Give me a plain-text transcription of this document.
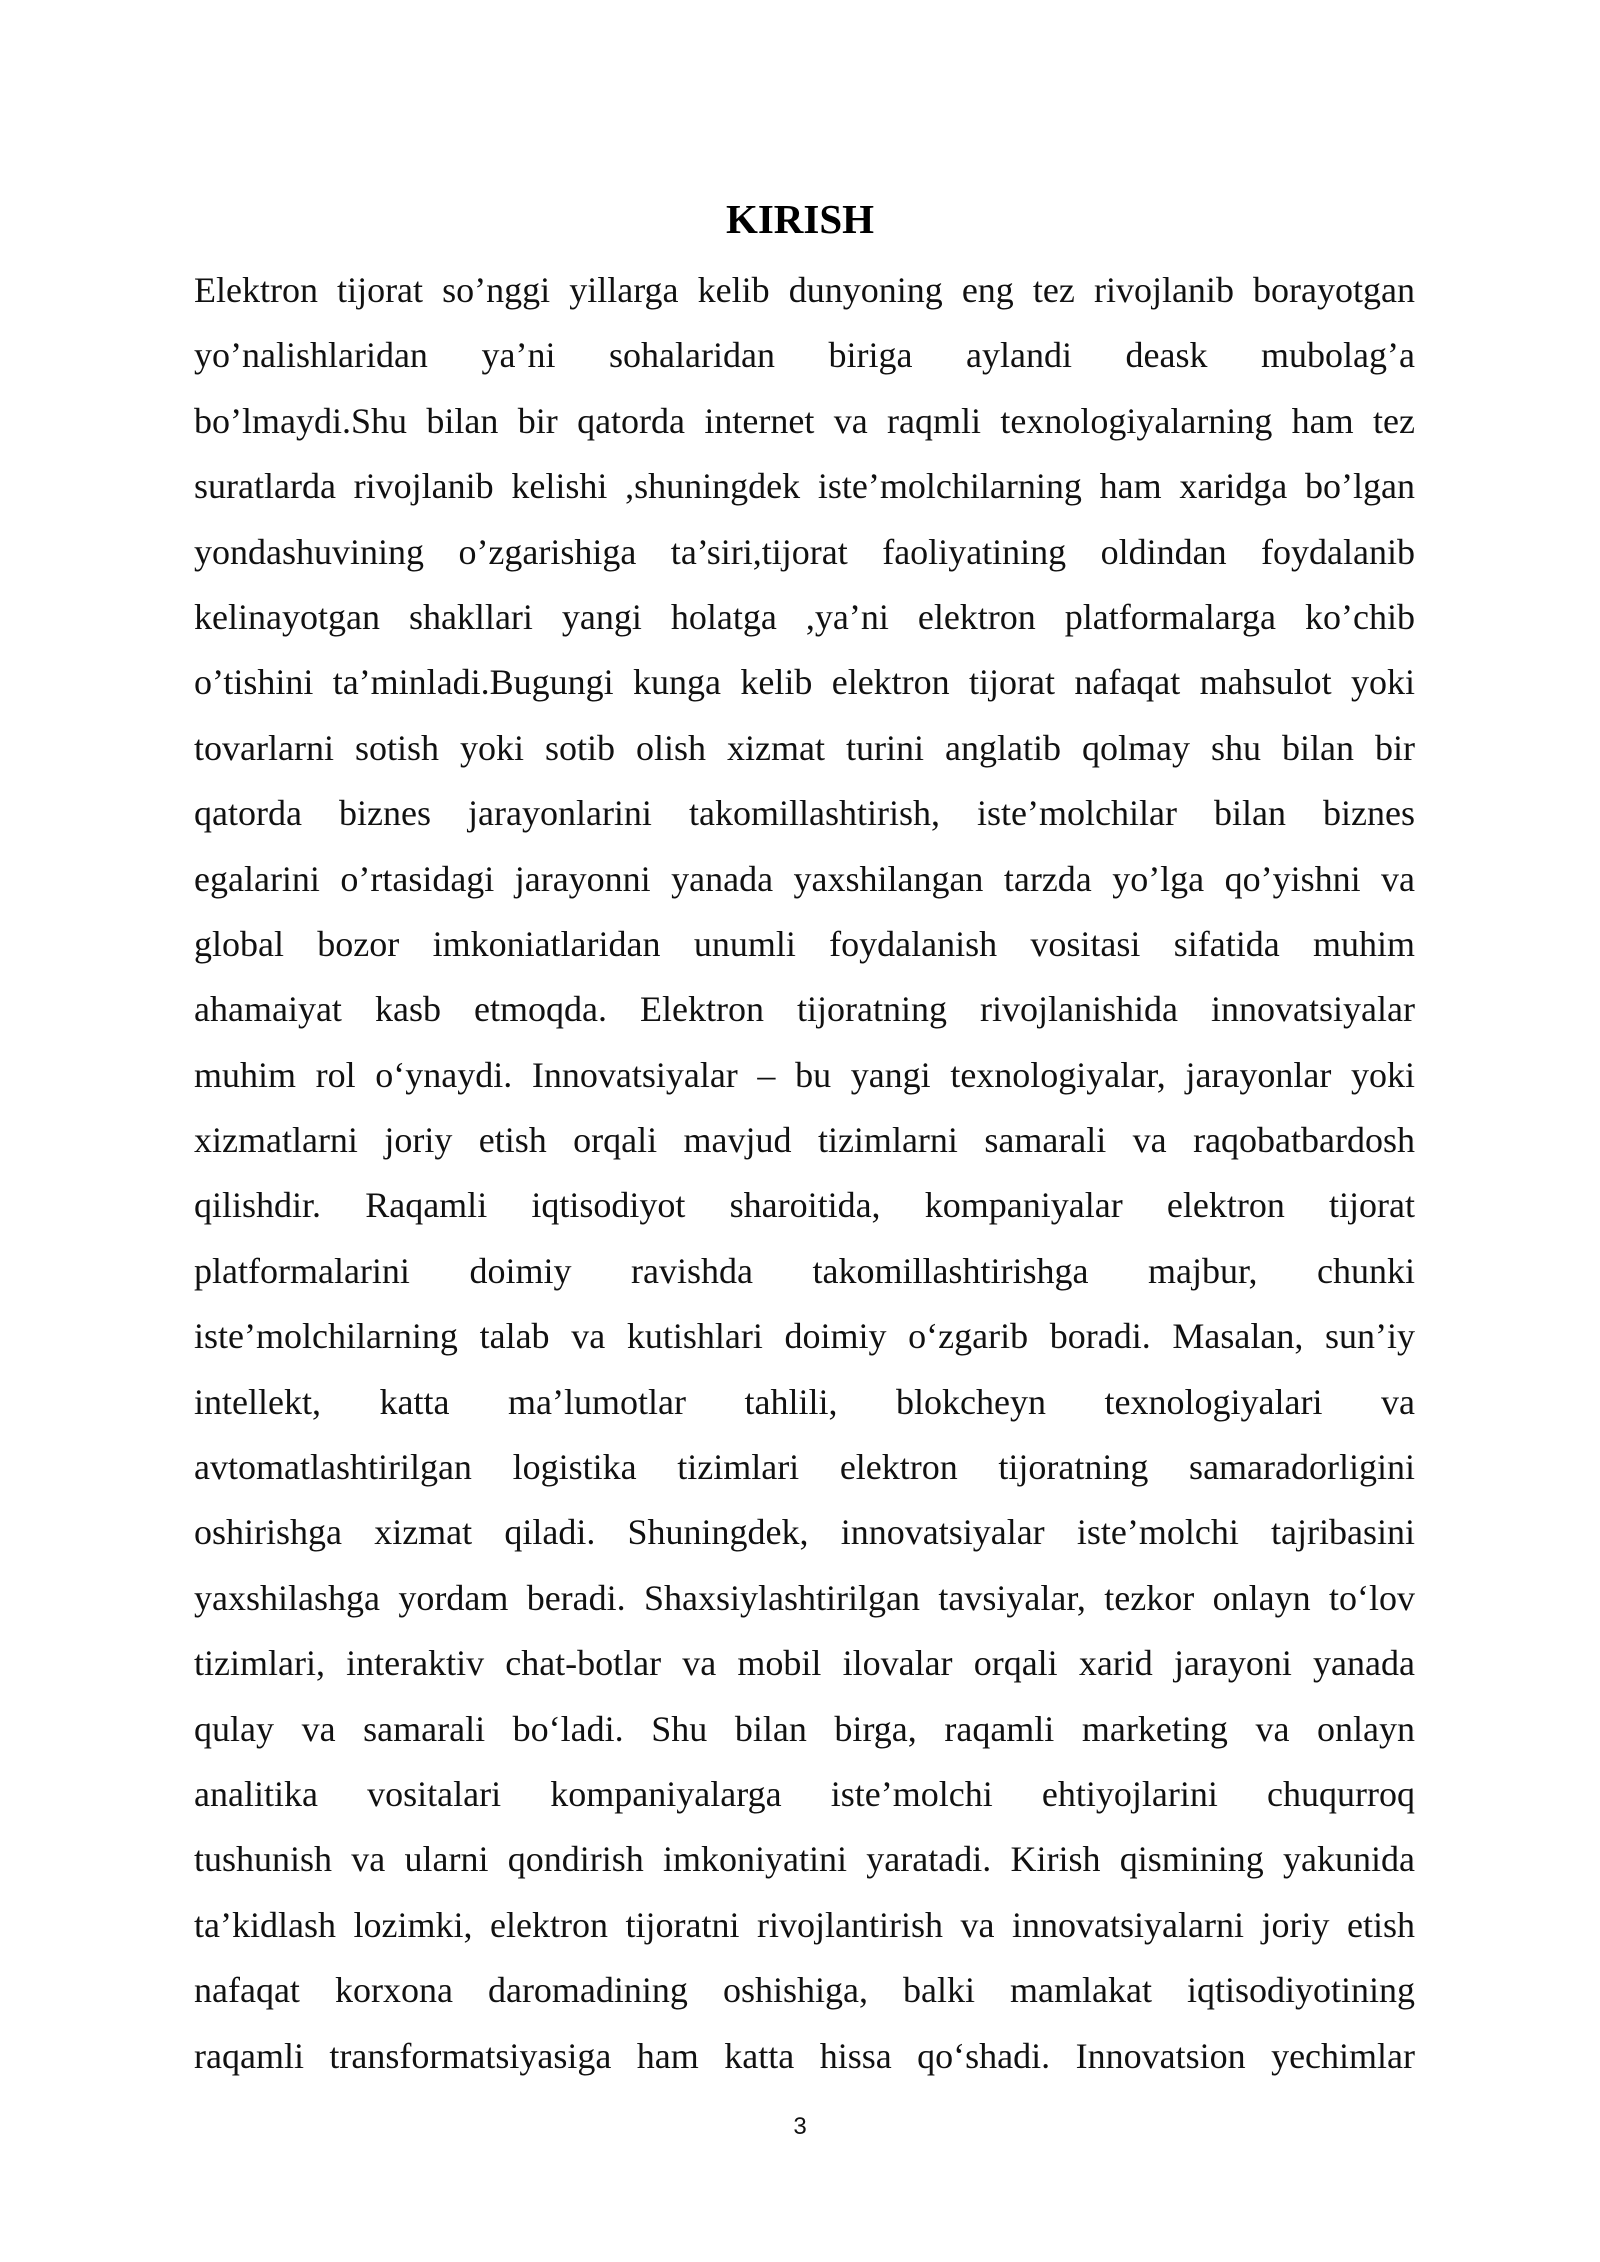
KIRISH
Elektron tijorat so’nggi yillarga kelib dunyoning eng tez rivojlanib borayotgan
yo’nalishlaridan ya’ni sohalaridan biriga aylandi deask mubolag’a
bo’lmaydi.Shu bilan bir qatorda internet va raqmli texnologiyalarning ham tez
suratlarda rivojlanib kelishi ,shuningdek iste’molchilarning ham xaridga bo’lgan
yondashuvining o’zgarishiga ta’siri,tijorat faoliyatining oldindan foydalanib
kelinayotgan shakllari yangi holatga ,ya’ni elektron platformalarga ko’chib
o’tishini ta’minladi.Bugungi kunga kelib elektron tijorat nafaqat mahsulot yoki
tovarlarni sotish yoki sotib olish xizmat turini anglatib qolmay shu bilan bir
qatorda biznes jarayonlarini takomillashtirish, iste’molchilar bilan biznes
egalarini o’rtasidagi jarayonni yanada yaxshilangan tarzda yo’lga qo’yishni va
global bozor imkoniatlaridan unumli foydalanish vositasi sifatida muhim
ahamaiyat kasb etmoqda. Elektron tijoratning rivojlanishida innovatsiyalar
muhim rol o‘ynaydi. Innovatsiyalar – bu yangi texnologiyalar, jarayonlar yoki
xizmatlarni joriy etish orqali mavjud tizimlarni samarali va raqobatbardosh
qilishdir. Raqamli iqtisodiyot sharoitida, kompaniyalar elektron tijorat
platformalarini doimiy ravishda takomillashtirishga majbur, chunki
iste’molchilarning talab va kutishlari doimiy o‘zgarib boradi. Masalan, sun’iy
intellekt, katta ma’lumotlar tahlili, blokcheyn texnologiyalari va
avtomatlashtirilgan logistika tizimlari elektron tijoratning samaradorligini
oshirishga xizmat qiladi. Shuningdek, innovatsiyalar iste’molchi tajribasini
yaxshilashga yordam beradi. Shaxsiylashtirilgan tavsiyalar, tezkor onlayn to‘lov
tizimlari, interaktiv chat-botlar va mobil ilovalar orqali xarid jarayoni yanada
qulay va samarali bo‘ladi. Shu bilan birga, raqamli marketing va onlayn
analitika vositalari kompaniyalarga iste’molchi ehtiyojlarini chuqurroq
tushunish va ularni qondirish imkoniyatini yaratadi. Kirish qismining yakunida
ta’kidlash lozimki, elektron tijoratni rivojlantirish va innovatsiyalarni joriy etish
nafaqat korxona daromadining oshishiga, balki mamlakat iqtisodiyotining
raqamli transformatsiyasiga ham katta hissa qo‘shadi. Innovatsion yechimlar
3
